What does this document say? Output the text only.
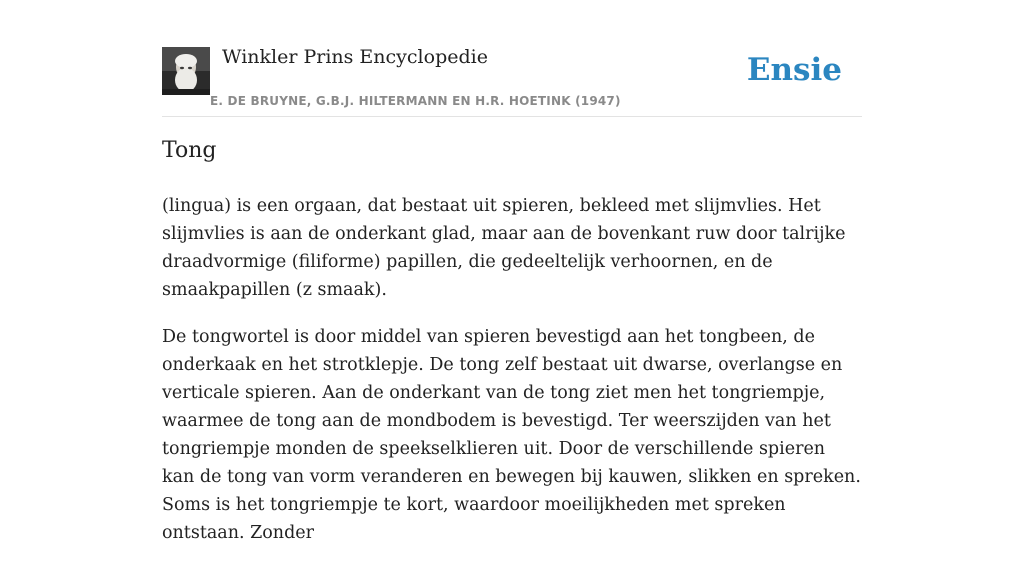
Winkler Prins Encyclopedie
E. DE BRUYNE, G.B.J. HILTERMANN EN H.R. HOETINK (1947)
Ensie
Tong

(lingua) is een orgaan, dat bestaat uit spieren, bekleed met slijmvlies. Het slijmvlies is aan de onderkant glad, maar aan de bovenkant ruw door talrijke draadvormige (filiforme) papillen, die gedeeltelijk verhoornen, en de smaakpapillen (z smaak).

De tongwortel is door middel van spieren bevestigd aan het tongbeen, de onderkaak en het strotklepje. De tong zelf bestaat uit dwarse, overlangse en verticale spieren. Aan de onderkant van de tong ziet men het tongriempje, waarmee de tong aan de mondbodem is bevestigd. Ter weerszijden van het tongriempje monden de speekselklieren uit. Door de verschillende spieren kan de tong van vorm veranderen en bewegen bij kauwen, slikken en spreken. Soms is het tongriempje te kort, waardoor moeilijkheden met spreken ontstaan. Zonder
